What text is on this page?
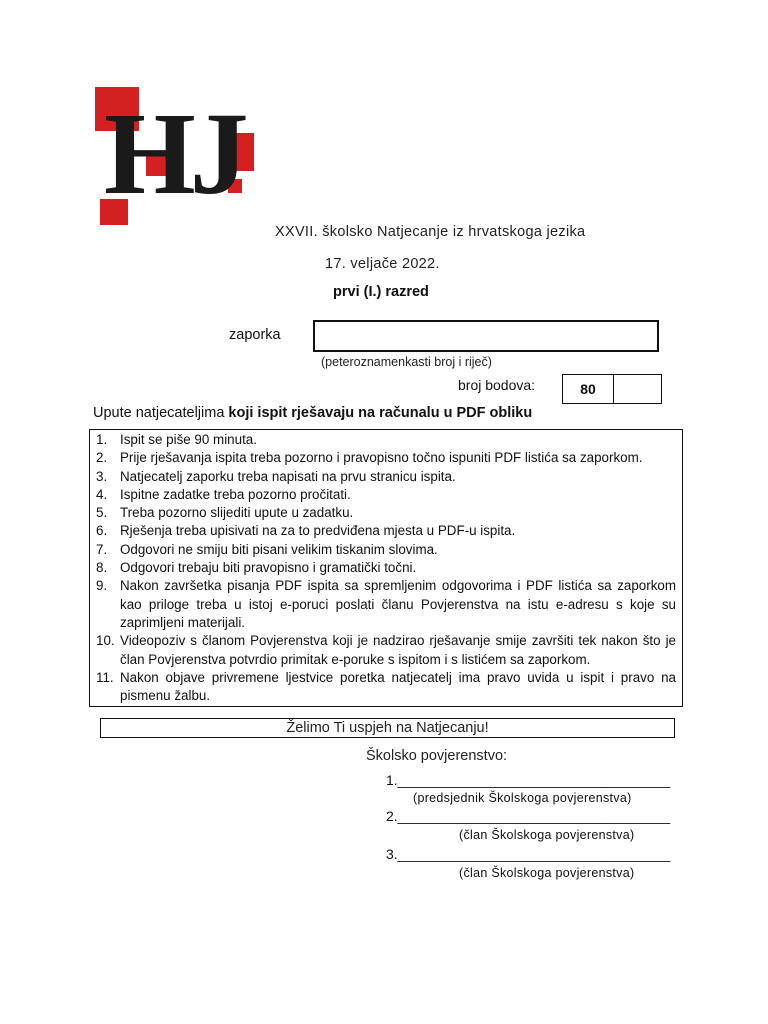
HJ
XXVII. školsko Natjecanje iz hrvatskoga jezika
17. veljače 2022.
prvi (I.) razred
zaporka
(peteroznamenkasti broj i riječ)
broj bodova:	80
Upute natjecateljima koji ispit rješavaju na računalu u PDF obliku
1. Ispit se piše 90 minuta.
2. Prije rješavanja ispita treba pozorno i pravopisno točno ispuniti PDF listića sa zaporkom.
3. Natjecatelj zaporku treba napisati na prvu stranicu ispita.
4. Ispitne zadatke treba pozorno pročitati.
5. Treba pozorno slijediti upute u zadatku.
6. Rješenja treba upisivati na za to predviđena mjesta u PDF-u ispita.
7. Odgovori ne smiju biti pisani velikim tiskanim slovima.
8. Odgovori trebaju biti pravopisno i gramatički točni.
9. Nakon završetka pisanja PDF ispita sa spremljenim odgovorima i PDF listića sa zaporkom kao priloge treba u istoj e-poruci poslati članu Povjerenstva na istu e-adresu s koje su zaprimljeni materijali.
10. Videopoziv s članom Povjerenstva koji je nadzirao rješavanje smije završiti tek nakon što je član Povjerenstva potvrdio primitak e-poruke s ispitom i s listićem sa zaporkom.
11. Nakon objave privremene ljestvice poretka natjecatelj ima pravo uvida u ispit i pravo na pismenu žalbu.
Želimo Ti uspjeh na Natjecanju!
Školsko povjerenstvo:
1.___________________________________
(predsjednik Školskoga povjerenstva)
2.___________________________________
(član Školskoga povjerenstva)
3.___________________________________
(član Školskoga povjerenstva)
